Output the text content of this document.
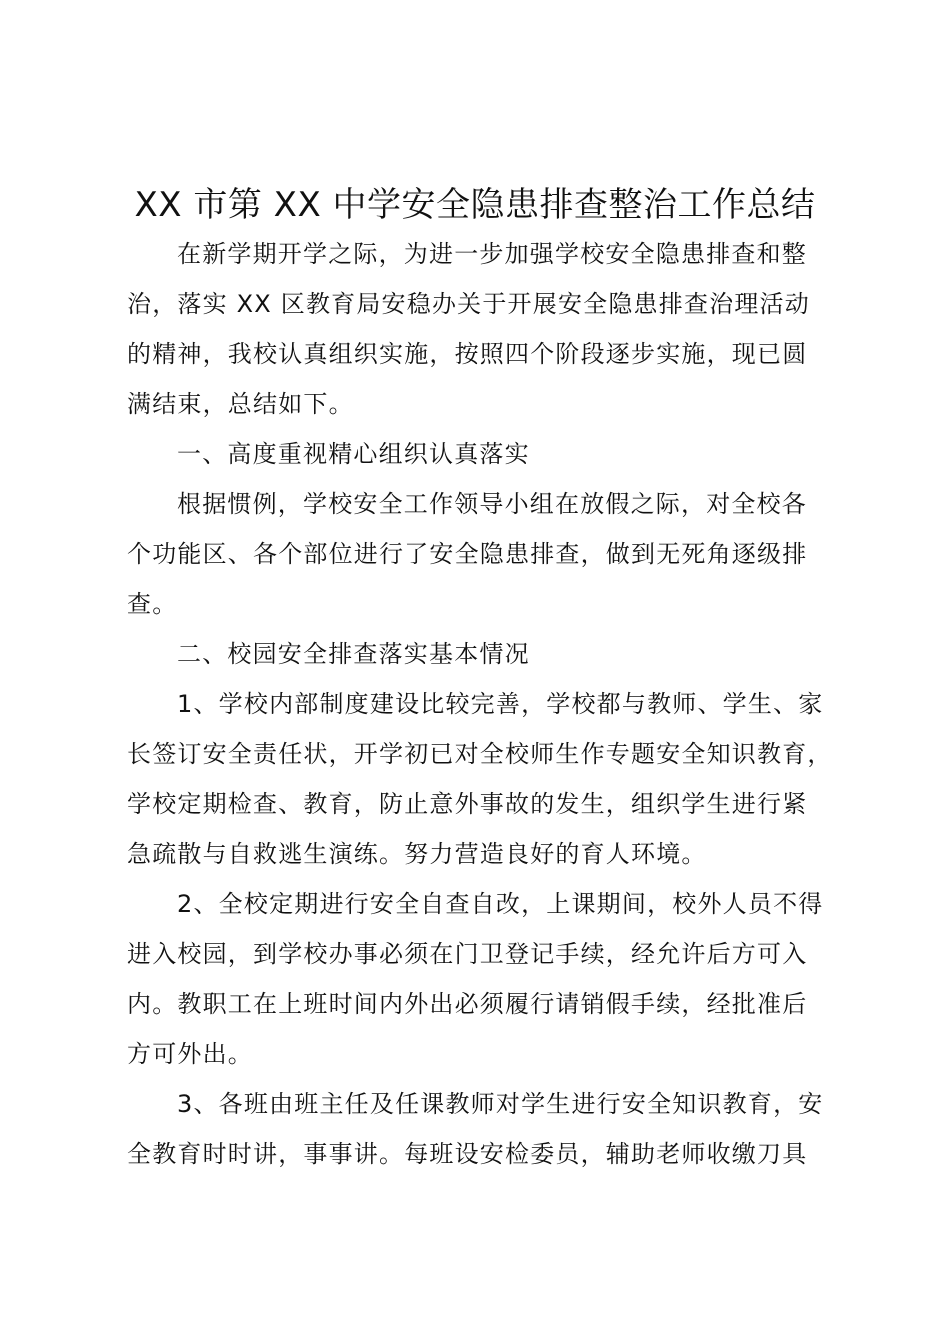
XX 市第 XX 中学安全隐患排查整治工作总结
在新学期开学之际，为进一步加强学校安全隐患排查和整
治，落实 XX 区教育局安稳办关于开展安全隐患排查治理活动
的精神，我校认真组织实施，按照四个阶段逐步实施，现已圆
满结束，总结如下。
一、高度重视精心组织认真落实
根据惯例，学校安全工作领导小组在放假之际，对全校各
个功能区、各个部位进行了安全隐患排查，做到无死角逐级排
查。
二、校园安全排查落实基本情况
1、学校内部制度建设比较完善，学校都与教师、学生、家
长签订安全责任状，开学初已对全校师生作专题安全知识教育，
学校定期检查、教育，防止意外事故的发生，组织学生进行紧
急疏散与自救逃生演练。努力营造良好的育人环境。
2、全校定期进行安全自查自改，上课期间，校外人员不得
进入校园，到学校办事必须在门卫登记手续，经允许后方可入
内。教职工在上班时间内外出必须履行请销假手续，经批准后
方可外出。
3、各班由班主任及任课教师对学生进行安全知识教育，安
全教育时时讲，事事讲。每班设安检委员，辅助老师收缴刀具
